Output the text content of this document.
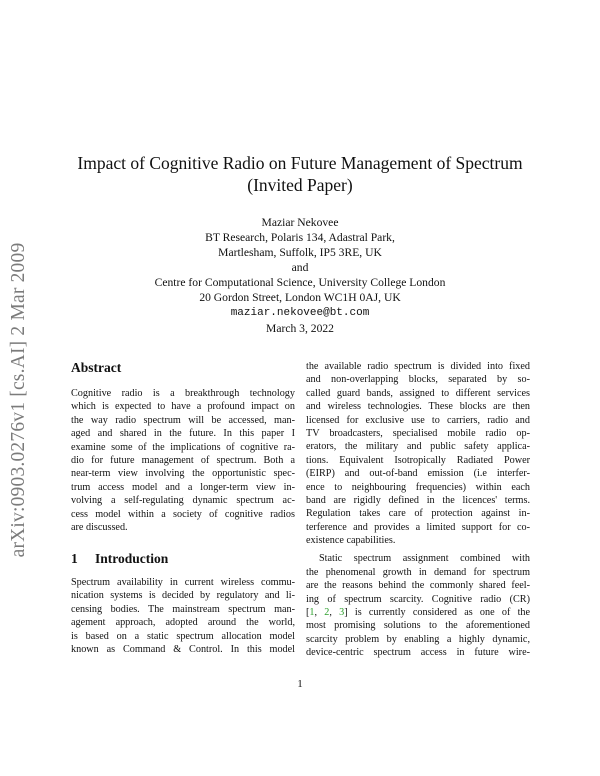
arXiv:0903.0276v1 [cs.AI] 2 Mar 2009
Impact of Cognitive Radio on Future Management of Spectrum
(Invited Paper)
Maziar Nekovee
BT Research, Polaris 134, Adastral Park,
Martlesham, Suffolk, IP5 3RE, UK
and
Centre for Computational Science, University College London
20 Gordon Street, London WC1H 0AJ, UK
maziar.nekovee@bt.com
March 3, 2022
Abstract
Cognitive radio is a breakthrough technology
which is expected to have a profound impact on
the way radio spectrum will be accessed, man-
aged and shared in the future. In this paper I
examine some of the implications of cognitive ra-
dio for future management of spectrum. Both a
near-term view involving the opportunistic spec-
trum access model and a longer-term view in-
volving a self-regulating dynamic spectrum ac-
cess model within a society of cognitive radios
are discussed.
1 Introduction
Spectrum availability in current wireless commu-
nication systems is decided by regulatory and li-
censing bodies. The mainstream spectrum man-
agement approach, adopted around the world,
is based on a static spectrum allocation model
known as Command & Control. In this model
the available radio spectrum is divided into fixed
and non-overlapping blocks, separated by so-
called guard bands, assigned to different services
and wireless technologies. These blocks are then
licensed for exclusive use to carriers, radio and
TV broadcasters, specialised mobile radio op-
erators, the military and public safety applica-
tions. Equivalent Isotropically Radiated Power
(EIRP) and out-of-band emission (i.e interfer-
ence to neighbouring frequencies) within each
band are rigidly defined in the licences' terms.
Regulation takes care of protection against in-
terference and provides a limited support for co-
existence capabilities.
Static spectrum assignment combined with
the phenomenal growth in demand for spectrum
are the reasons behind the commonly shared feel-
ing of spectrum scarcity. Cognitive radio (CR)
[1, 2, 3] is currently considered as one of the
most promising solutions to the aforementioned
scarcity problem by enabling a highly dynamic,
device-centric spectrum access in future wire-
1
